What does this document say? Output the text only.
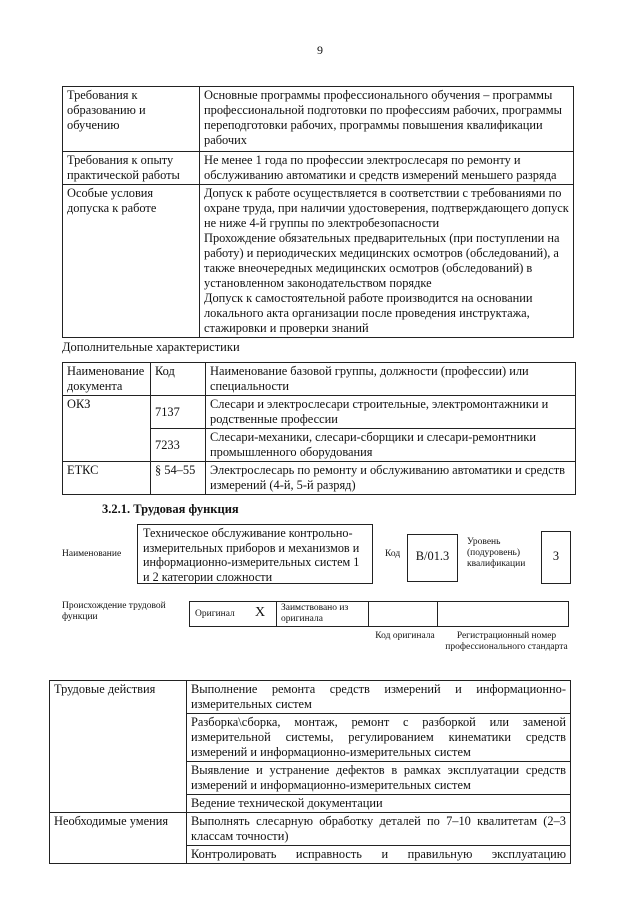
9
Требования к образованию и обучению	Основные программы профессионального обучения – программы профессиональной подготовки по профессиям рабочих, программы переподготовки рабочих, программы повышения квалификации рабочих
Требования к опыту практической работы	Не менее 1 года по профессии электрослесаря по ремонту и обслуживанию автоматики и средств измерений меньшего разряда
Особые условия допуска к работе	Допуск к работе осуществляется в соответствии с требованиями по охране труда, при наличии удостоверения, подтверждающего допуск не ниже 4-й группы по электробезопасности
Прохождение обязательных предварительных (при поступлении на работу) и периодических медицинских осмотров (обследований), а также внеочередных медицинских осмотров (обследований) в установленном законодательством порядке
Допуск к самостоятельной работе производится на основании локального акта организации после проведения инструктажа, стажировки и проверки знаний
Дополнительные характеристики
Наименование документа	Код	Наименование базовой группы, должности (профессии) или специальности
ОКЗ	7137	Слесари и электрослесари строительные, электромонтажники и родственные профессии
	7233	Слесари-механики, слесари-сборщики и слесари-ремонтники промышленного оборудования
ЕТКС	§ 54–55	Электрослесарь по ремонту и обслуживанию автоматики и средств измерений (4-й, 5-й разряд)
3.2.1. Трудовая функция
Наименование
Техническое обслуживание контрольно-измерительных приборов и механизмов и информационно-измерительных систем 1 и 2 категории сложности
Код	B/01.3
Уровень (подуровень) квалификации
3
Происхождение трудовой функции	Оригинал X Заимствовано из оригинала
Код оригинала	Регистрационный номер профессионального стандарта
Трудовые действия	Выполнение ремонта средств измерений и информационно-измерительных систем
	Разборка\сборка, монтаж, ремонт с разборкой или заменой измерительной системы, регулированием кинематики средств измерений и информационно-измерительных систем
	Выявление и устранение дефектов в рамках эксплуатации средств измерений и информационно-измерительных систем
	Ведение технической документации
Необходимые умения	Выполнять слесарную обработку деталей по 7–10 квалитетам (2–3 классам точности)
	Контролировать исправность и правильную эксплуатацию
